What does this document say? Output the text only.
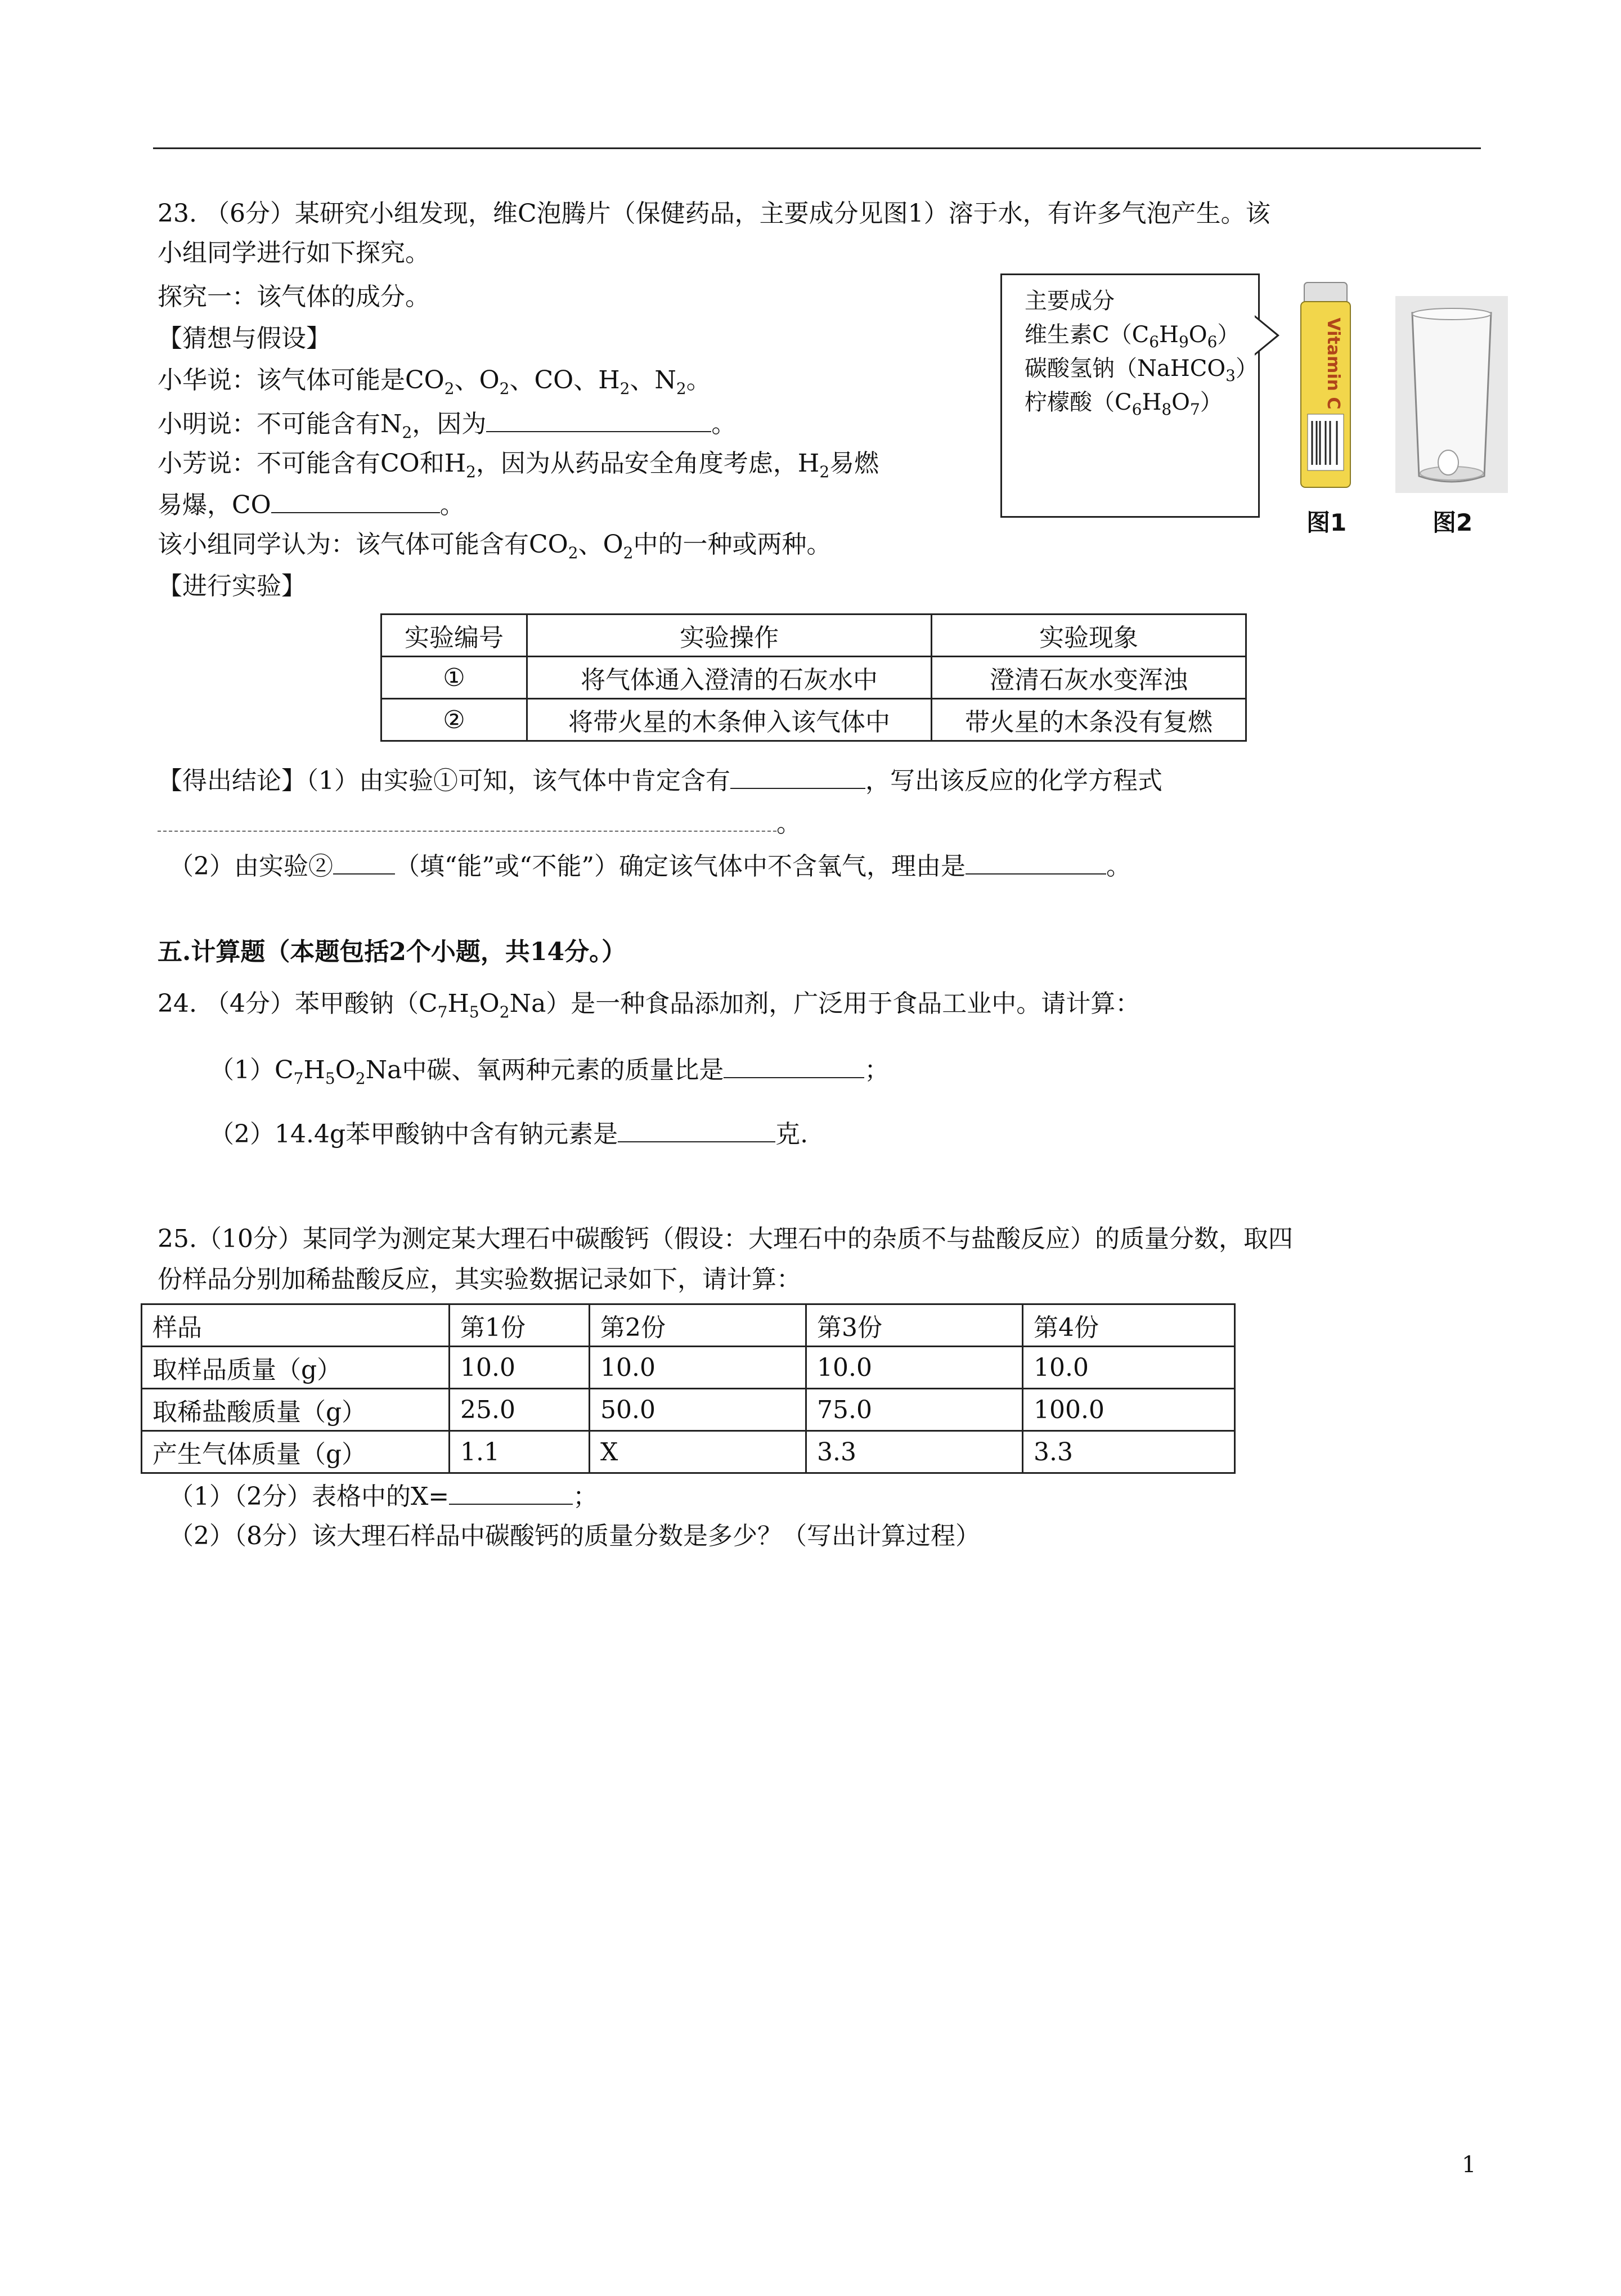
23. （6分）某研究小组发现，维C泡腾片（保健药品，主要成分见图1）溶于水，有许多气泡产生。该
小组同学进行如下探究。
探究一：该气体的成分。
【猜想与假设】
小华说：该气体可能是$CO_2$、$O_2$、CO、$H_2$、$N_2$。
小明说：不可能含有$N_2$，因为	。
小芳说：不可能含有CO和$H_2$，因为从药品安全角度考虑，$H_2$易燃
易爆，CO	。
该小组同学认为：该气体可能含有$CO_2$、$O_2$中的一种或两种。
【进行实验】
主要成分
维生素$C(C_6H_9O_6)$
碳酸氢钠（NaHCO$_3$）
柠檬酸$(C_6H_8O_7)$	Vitamin C
图1	图2
实验编号	实验操作	实验现象
①	将气体通入澄清的石灰水中	澄清石灰水变浑浊
②	将带火星的木条伸入该气体中	带火星的木条没有复燃
【得出结论】（1）由实验①可知，该气体中肯定含有	，写出该反应的化学方程式
。
（2）由实验②	（填“能”或“不能”）确定该气体中不含氧气，理由是	。
五.计算题（本题包括2个小题，共14分。）
24. （4分）苯甲酸钠$(C_7H_5O_2Na)$是一种食品添加剂，广泛用于食品工业中。请计算：
$(1)C_7H_5O_2Na$中碳、氧两种元素的质量比是	；
（2）14.4g苯甲酸钠中含有钠元素是	克.
25.（10分）某同学为测定某大理石中碳酸钙（假设：大理石中的杂质不与盐酸反应）的质量分数，取四
份样品分别加稀盐酸反应，其实验数据记录如下，请计算：
样品	第1份	第2份	第3份	第4份
取样品质量（g）	10.0	10.0	10.0	10.0
取稀盐酸质量（g）	25.0	50.0	75.0	100.0
产生气体质量（g）	1.1	X	3.3	3.3
（1）（2分）表格中的X=	；
（2）（8分）该大理石样品中碳酸钙的质量分数是多少？（写出计算过程）
1
